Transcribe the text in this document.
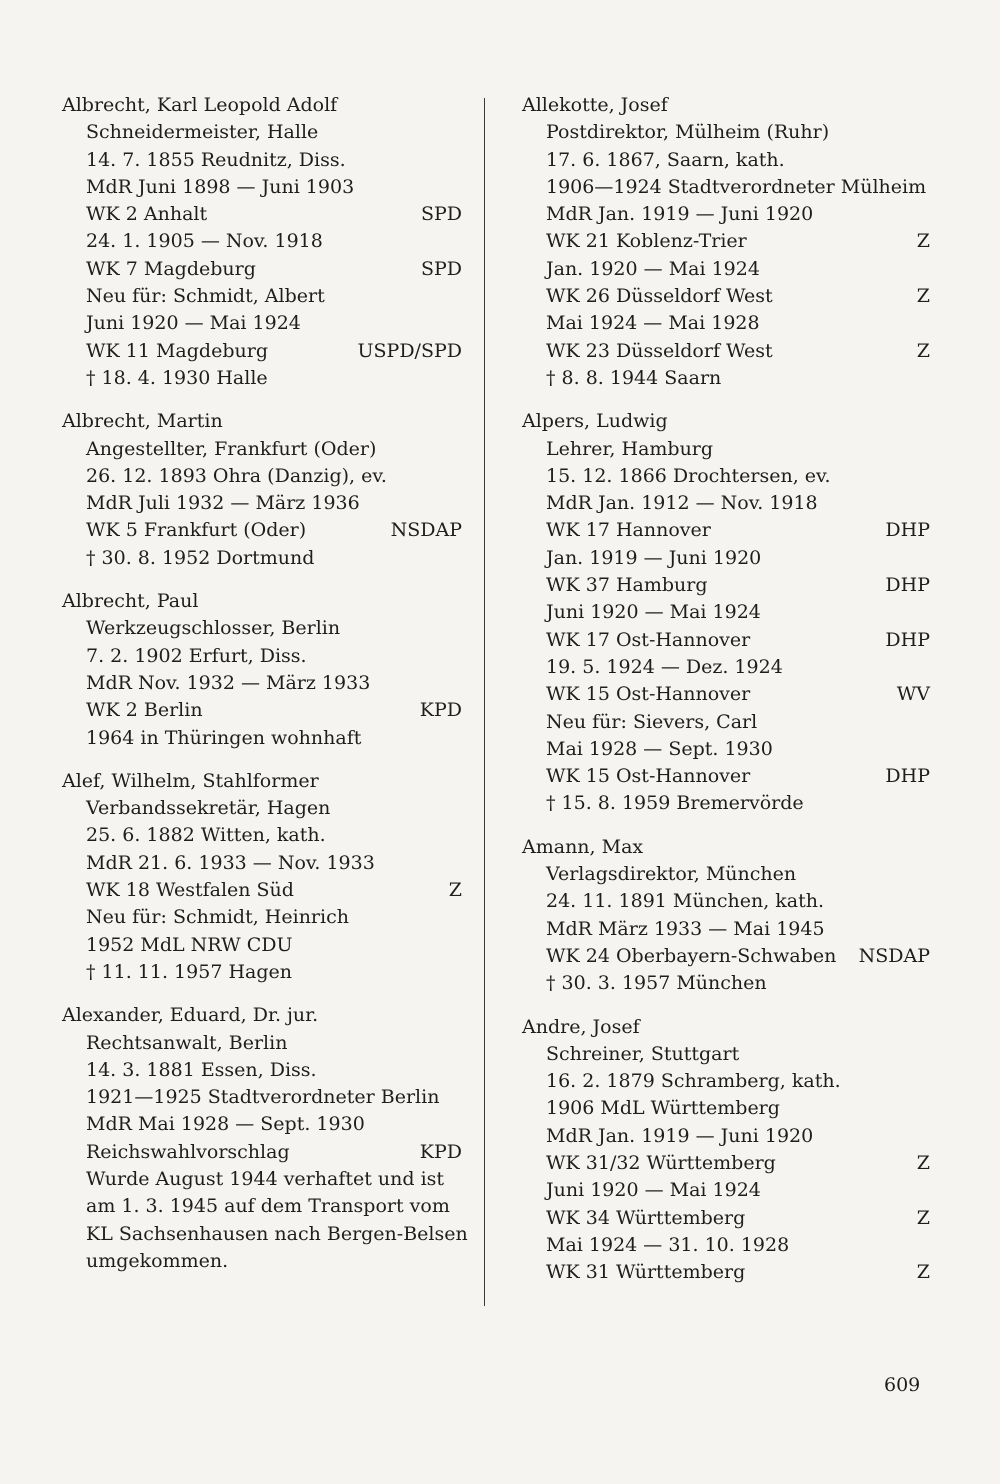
Albrecht, Karl Leopold Adolf
Schneidermeister, Halle
14. 7. 1855 Reudnitz, Diss.
MdR Juni 1898 — Juni 1903
WK 2 Anhalt	SPD
24. 1. 1905 — Nov. 1918
WK 7 Magdeburg	SPD
Neu für: Schmidt, Albert
Juni 1920 — Mai 1924
WK 11 Magdeburg	USPD/SPD
† 18. 4. 1930 Halle
Albrecht, Martin
Angestellter, Frankfurt (Oder)
26. 12. 1893 Ohra (Danzig), ev.
MdR Juli 1932 — März 1936
WK 5 Frankfurt (Oder)	NSDAP
† 30. 8. 1952 Dortmund
Albrecht, Paul
Werkzeugschlosser, Berlin
7. 2. 1902 Erfurt, Diss.
MdR Nov. 1932 — März 1933
WK 2 Berlin	KPD
1964 in Thüringen wohnhaft
Alef, Wilhelm, Stahlformer
Verbandssekretär, Hagen
25. 6. 1882 Witten, kath.
MdR 21. 6. 1933 — Nov. 1933
WK 18 Westfalen Süd	Z
Neu für: Schmidt, Heinrich
1952 MdL NRW CDU
† 11. 11. 1957 Hagen
Alexander, Eduard, Dr. jur.
Rechtsanwalt, Berlin
14. 3. 1881 Essen, Diss.
1921—1925 Stadtverordneter Berlin
MdR Mai 1928 — Sept. 1930
Reichswahlvorschlag	KPD
Wurde August 1944 verhaftet und ist
am 1. 3. 1945 auf dem Transport vom
KL Sachsenhausen nach Bergen-Belsen
umgekommen.
Allekotte, Josef
Postdirektor, Mülheim (Ruhr)
17. 6. 1867, Saarn, kath.
1906—1924 Stadtverordneter Mülheim
MdR Jan. 1919 — Juni 1920
WK 21 Koblenz-Trier	Z
Jan. 1920 — Mai 1924
WK 26 Düsseldorf West	Z
Mai 1924 — Mai 1928
WK 23 Düsseldorf West	Z
† 8. 8. 1944 Saarn
Alpers, Ludwig
Lehrer, Hamburg
15. 12. 1866 Drochtersen, ev.
MdR Jan. 1912 — Nov. 1918
WK 17 Hannover	DHP
Jan. 1919 — Juni 1920
WK 37 Hamburg	DHP
Juni 1920 — Mai 1924
WK 17 Ost-Hannover	DHP
19. 5. 1924 — Dez. 1924
WK 15 Ost-Hannover	WV
Neu für: Sievers, Carl
Mai 1928 — Sept. 1930
WK 15 Ost-Hannover	DHP
† 15. 8. 1959 Bremervörde
Amann, Max
Verlagsdirektor, München
24. 11. 1891 München, kath.
MdR März 1933 — Mai 1945
WK 24 Oberbayern-Schwaben NSDAP
† 30. 3. 1957 München
Andre, Josef
Schreiner, Stuttgart
16. 2. 1879 Schramberg, kath.
1906 MdL Württemberg
MdR Jan. 1919 — Juni 1920
WK 31/32 Württemberg	Z
Juni 1920 — Mai 1924
WK 34 Württemberg	Z
Mai 1924 — 31. 10. 1928
WK 31 Württemberg	Z
609
